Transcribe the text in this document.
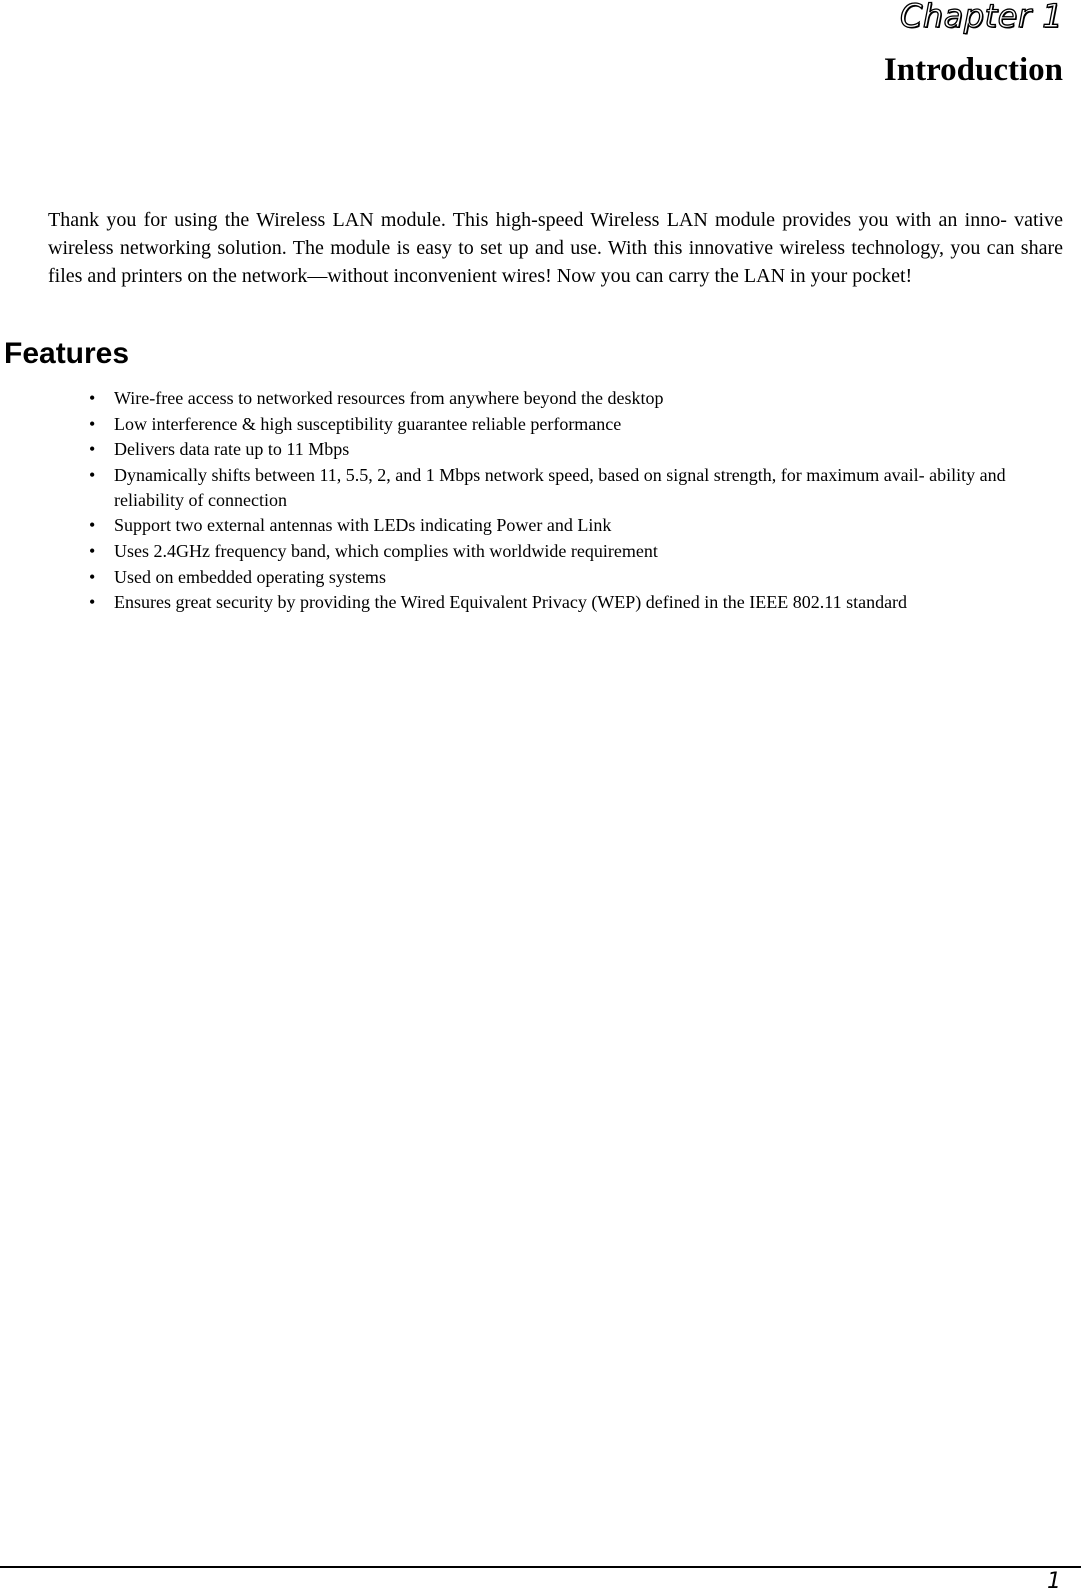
Chapter 1
Introduction

Thank you for using the Wireless LAN module. This high-speed Wireless LAN module provides you with an inno- vative wireless networking solution. The module is easy to set up and use. With this innovative wireless technology, you can share files and printers on the network—without inconvenient wires! Now you can carry the LAN in your pocket!

Features
• Wire-free access to networked resources from anywhere beyond the desktop
• Low interference & high susceptibility guarantee reliable performance
• Delivers data rate up to 11 Mbps
• Dynamically shifts between 11, 5.5, 2, and 1 Mbps network speed, based on signal strength, for maximum avail- ability and reliability of connection
• Support two external antennas with LEDs indicating Power and Link
• Uses 2.4GHz frequency band, which complies with worldwide requirement
• Used on embedded operating systems
• Ensures great security by providing the Wired Equivalent Privacy (WEP) defined in the IEEE 802.11 standard
1
